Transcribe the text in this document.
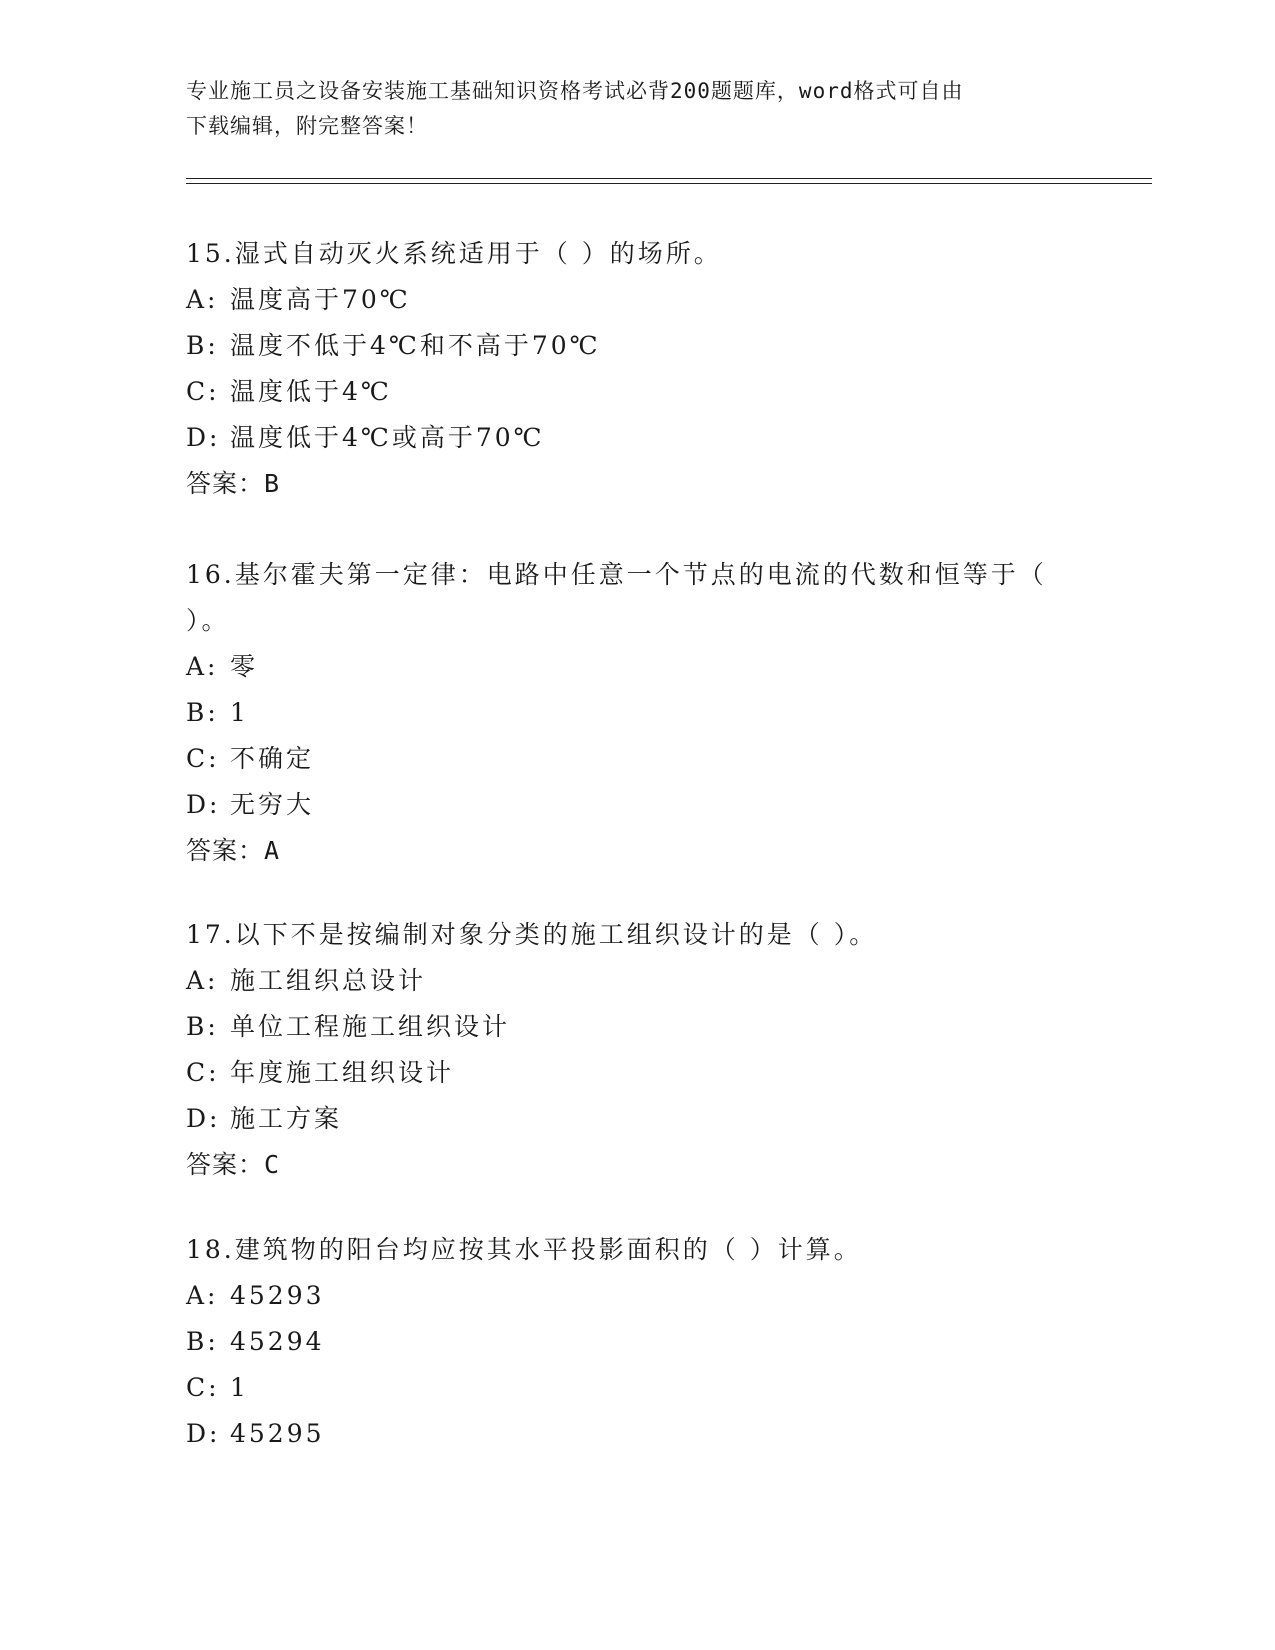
专业施工员之设备安装施工基础知识资格考试必背200题题库，word格式可自由
下载编辑，附完整答案！
15.湿式自动灭火系统适用于（ ）的场所。
A: 温度高于70℃
B: 温度不低于4℃和不高于70℃
C: 温度低于4℃
D: 温度低于4℃或高于70℃
答案：B
16.基尔霍夫第一定律：电路中任意一个节点的电流的代数和恒等于（
）。
A: 零
B: 1
C: 不确定
D: 无穷大
答案：A
17.以下不是按编制对象分类的施工组织设计的是（ ）。
A: 施工组织总设计
B: 单位工程施工组织设计
C: 年度施工组织设计
D: 施工方案
答案：C
18.建筑物的阳台均应按其水平投影面积的（ ）计算。
A: 45293
B: 45294
C: 1
D: 45295
